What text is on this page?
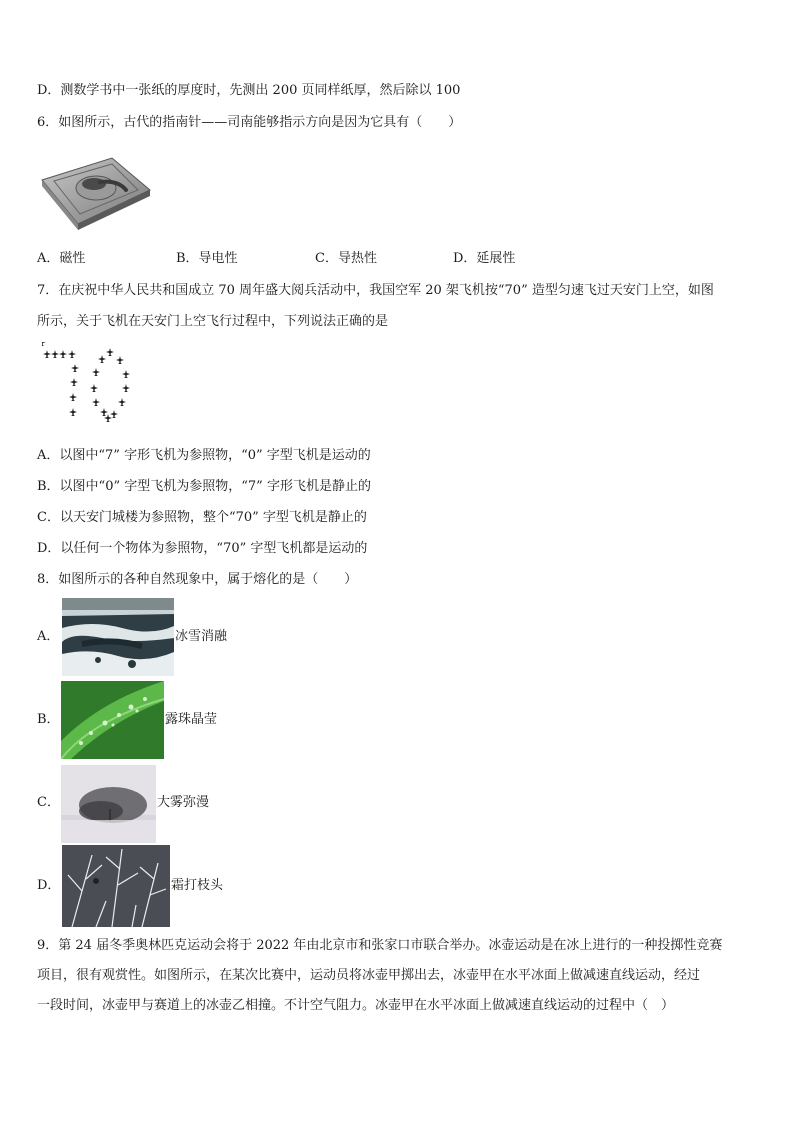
D．测数学书中一张纸的厚度时，先测出 200 页同样纸厚，然后除以 100
6．如图所示，古代的指南针——司南能够指示方向是因为它具有（　　）
A．磁性	B．导电性	C．导热性	D．延展性
7．在庆祝中华人民共和国成立 70 周年盛大阅兵活动中，我国空军 20 架飞机按“70” 造型匀速飞过天安门上空，如图
所示，关于飞机在天安门上空飞行过程中，下列说法正确的是
A．以图中“7” 字形飞机为参照物，“0” 字型飞机是运动的
B．以图中“0” 字型飞机为参照物，“7” 字形飞机是静止的
C．以天安门城楼为参照物，整个“70” 字型飞机是静止的
D．以任何一个物体为参照物，“70” 字型飞机都是运动的
8．如图所示的各种自然现象中，属于熔化的是（　　）
A．	冰雪消融
B．	露珠晶莹
C．	大雾弥漫
D．	霜打枝头
9．第 24 届冬季奥林匹克运动会将于 2022 年由北京市和张家口市联合举办。冰壶运动是在冰上进行的一种投掷性竞赛
项目，很有观赏性。如图所示，在某次比赛中，运动员将冰壶甲掷出去，冰壶甲在水平冰面上做减速直线运动，经过
一段时间，冰壶甲与赛道上的冰壶乙相撞。不计空气阻力。冰壶甲在水平冰面上做减速直线运动的过程中（　）
